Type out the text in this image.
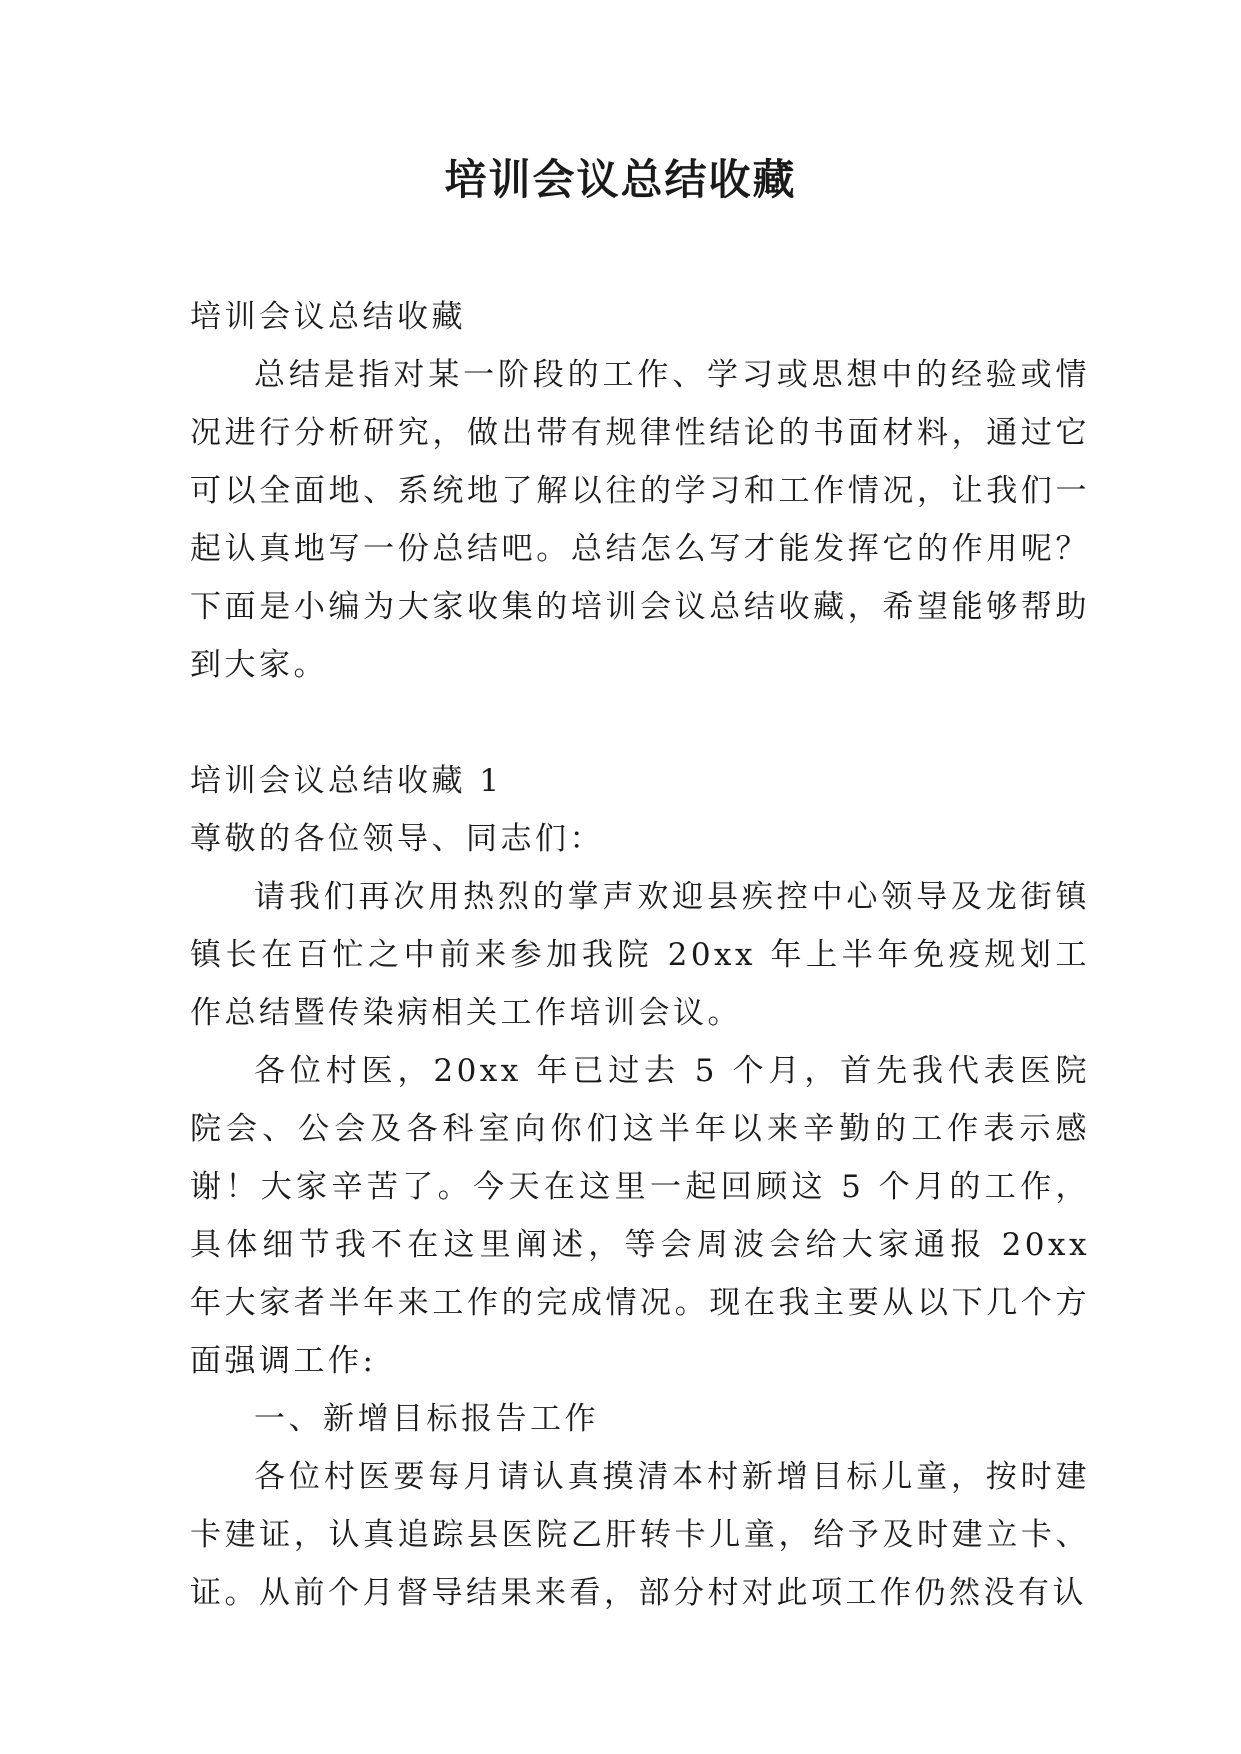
培训会议总结收藏

培训会议总结收藏

总结是指对某一阶段的工作、学习或思想中的经验或情况进行分析研究，做出带有规律性结论的书面材料，通过它可以全面地、系统地了解以往的学习和工作情况，让我们一起认真地写一份总结吧。总结怎么写才能发挥它的作用呢？下面是小编为大家收集的培训会议总结收藏，希望能够帮助到大家。

培训会议总结收藏 1

尊敬的各位领导、同志们：

请我们再次用热烈的掌声欢迎县疾控中心领导及龙街镇镇长在百忙之中前来参加我院 20xx 年上半年免疫规划工作总结暨传染病相关工作培训会议。

各位村医，20xx 年已过去 5 个月，首先我代表医院院会、公会及各科室向你们这半年以来辛勤的工作表示感谢！大家辛苦了。今天在这里一起回顾这 5 个月的工作，具体细节我不在这里阐述，等会周波会给大家通报 20xx 年大家者半年来工作的完成情况。现在我主要从以下几个方面强调工作:

一、新增目标报告工作

各位村医要每月请认真摸清本村新增目标儿童，按时建卡建证，认真追踪县医院乙肝转卡儿童，给予及时建立卡、证。从前个月督导结果来看，部分村对此项工作仍然没有认
